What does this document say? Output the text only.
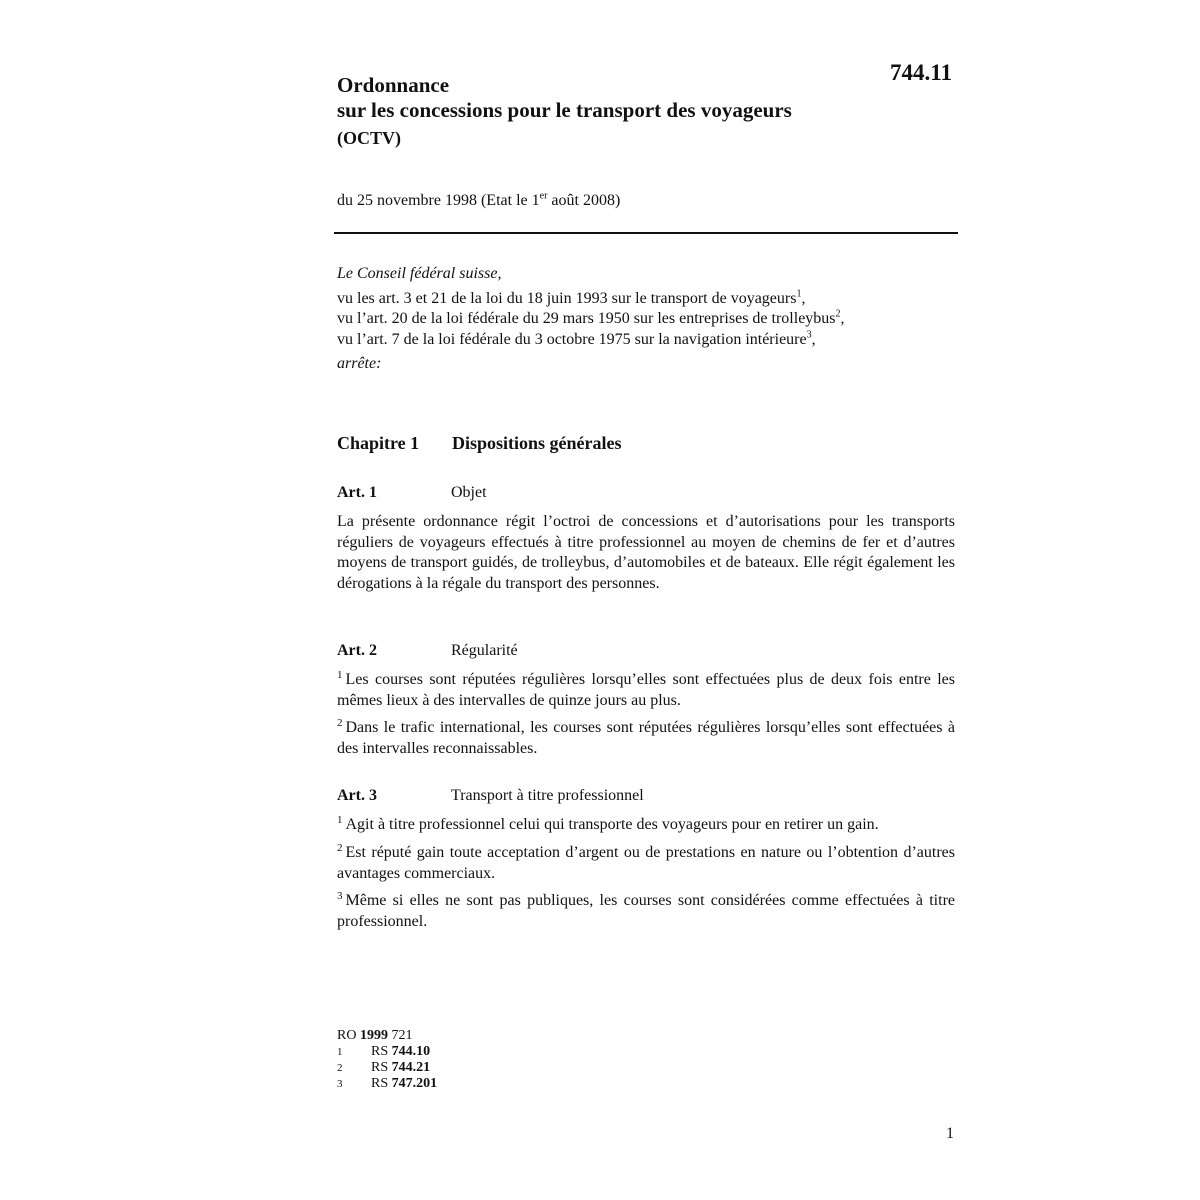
744.11
Ordonnance
sur les concessions pour le transport des voyageurs
(OCTV)
du 25 novembre 1998 (Etat le 1er août 2008)
Le Conseil fédéral suisse,
vu les art. 3 et 21 de la loi du 18 juin 1993 sur le transport de voyageurs$^1$,
vu l’art. 20 de la loi fédérale du 29 mars 1950 sur les entreprises de trolleybus$^2$,
vu l’art. 7 de la loi fédérale du 3 octobre 1975 sur la navigation intérieure$^3$,
arrête:
Chapitre 1 Dispositions générales
Art. 1	Objet
La présente ordonnance régit l’octroi de concessions et d’autorisations pour les transports réguliers de voyageurs effectués à titre professionnel au moyen de chemins de fer et d’autres moyens de transport guidés, de trolleybus, d’automobiles et de bateaux. Elle régit également les dérogations à la régale du transport des personnes.
Art. 2	Régularité
$^1$ Les courses sont réputées régulières lorsqu’elles sont effectuées plus de deux fois entre les mêmes lieux à des intervalles de quinze jours au plus.
$^2$ Dans le trafic international, les courses sont réputées régulières lorsqu’elles sont effectuées à des intervalles reconnaissables.
Art. 3	Transport à titre professionnel
$^1$ Agit à titre professionnel celui qui transporte des voyageurs pour en retirer un gain.
$^2$ Est réputé gain toute acceptation d’argent ou de prestations en nature ou l’obtention d’autres avantages commerciaux.
$^3$ Même si elles ne sont pas publiques, les courses sont considérées comme effectuées à titre professionnel.
RO 1999 721
1 RS 744.10
2 RS 744.21
3 RS 747.201
1
